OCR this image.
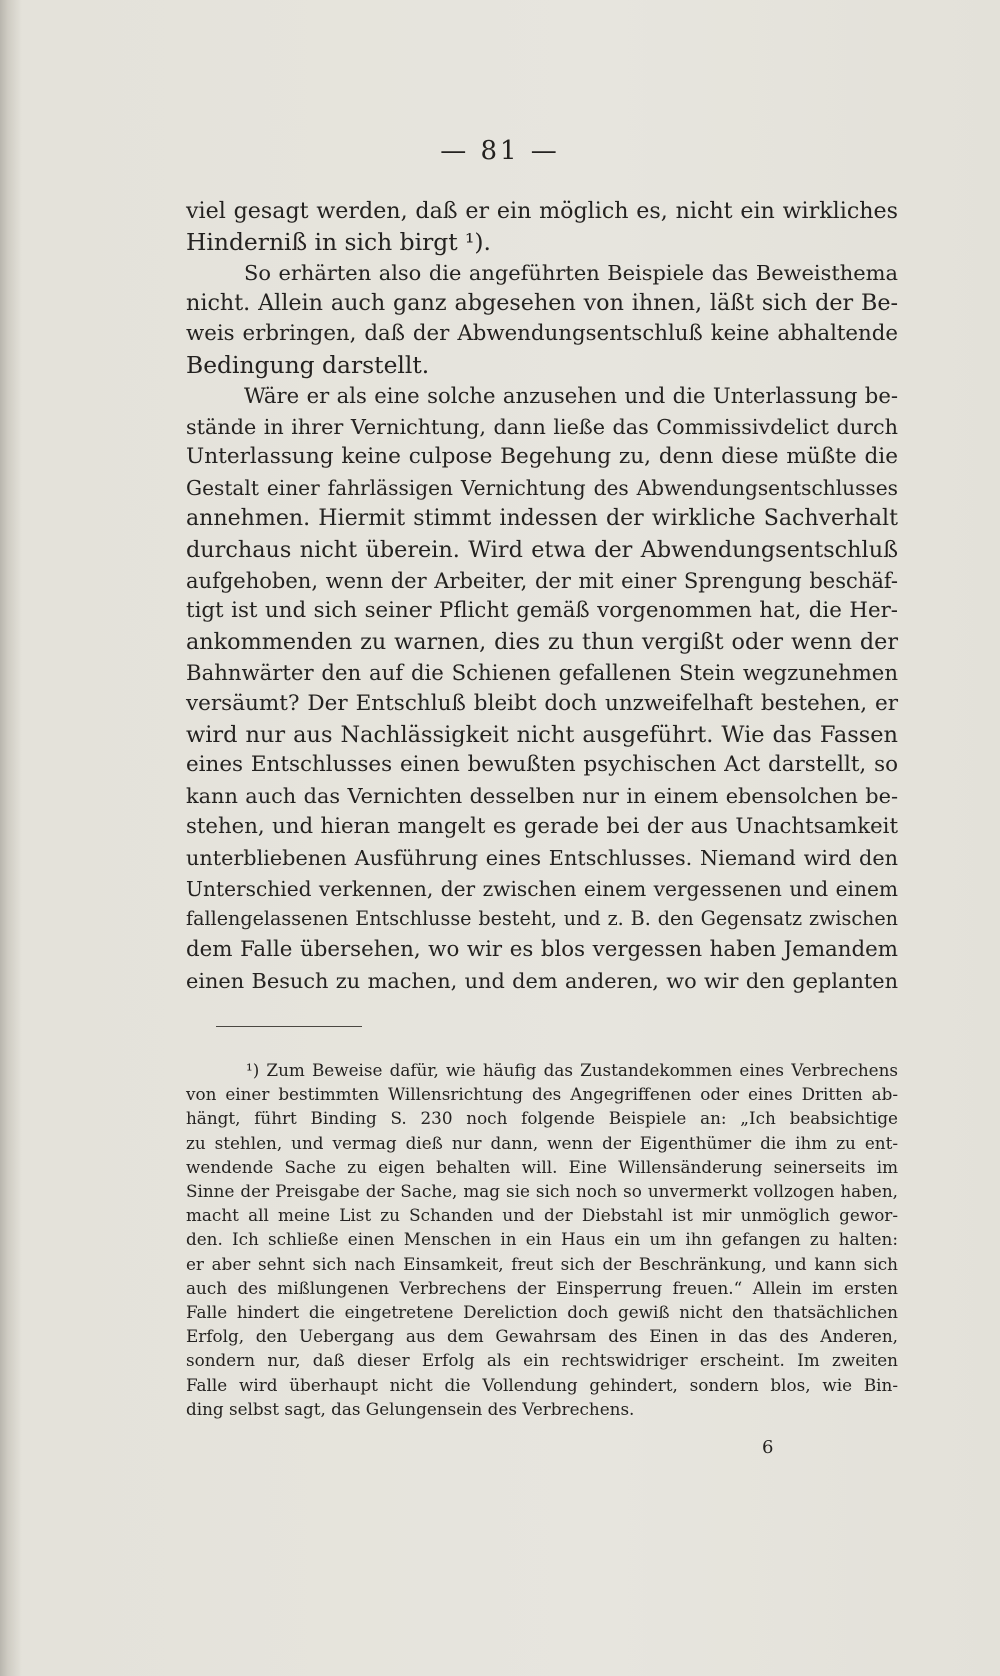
— 81 —
viel gesagt werden, daß er ein möglich es, nicht ein wirkliches
Hinderniß in sich birgt ¹).
So erhärten also die angeführten Beispiele das Beweisthema
nicht. Allein auch ganz abgesehen von ihnen, läßt sich der Be-
weis erbringen, daß der Abwendungsentschluß keine abhaltende
Bedingung darstellt.
Wäre er als eine solche anzusehen und die Unterlassung be-
stände in ihrer Vernichtung, dann ließe das Commissivdelict durch
Unterlassung keine culpose Begehung zu, denn diese müßte die
Gestalt einer fahrlässigen Vernichtung des Abwendungsentschlusses
annehmen. Hiermit stimmt indessen der wirkliche Sachverhalt
durchaus nicht überein. Wird etwa der Abwendungsentschluß
aufgehoben, wenn der Arbeiter, der mit einer Sprengung beschäf-
tigt ist und sich seiner Pflicht gemäß vorgenommen hat, die Her-
ankommenden zu warnen, dies zu thun vergißt oder wenn der
Bahnwärter den auf die Schienen gefallenen Stein wegzunehmen
versäumt? Der Entschluß bleibt doch unzweifelhaft bestehen, er
wird nur aus Nachlässigkeit nicht ausgeführt. Wie das Fassen
eines Entschlusses einen bewußten psychischen Act darstellt, so
kann auch das Vernichten desselben nur in einem ebensolchen be-
stehen, und hieran mangelt es gerade bei der aus Unachtsamkeit
unterbliebenen Ausführung eines Entschlusses. Niemand wird den
Unterschied verkennen, der zwischen einem vergessenen und einem
fallengelassenen Entschlusse besteht, und z. B. den Gegensatz zwischen
dem Falle übersehen, wo wir es blos vergessen haben Jemandem
einen Besuch zu machen, und dem anderen, wo wir den geplanten
¹) Zum Beweise dafür, wie häufig das Zustandekommen eines Verbrechens
von einer bestimmten Willensrichtung des Angegriffenen oder eines Dritten ab-
hängt, führt Binding S. 230 noch folgende Beispiele an: „Ich beabsichtige
zu stehlen, und vermag dieß nur dann, wenn der Eigenthümer die ihm zu ent-
wendende Sache zu eigen behalten will. Eine Willensänderung seinerseits im
Sinne der Preisgabe der Sache, mag sie sich noch so unvermerkt vollzogen haben,
macht all meine List zu Schanden und der Diebstahl ist mir unmöglich gewor-
den. Ich schließe einen Menschen in ein Haus ein um ihn gefangen zu halten:
er aber sehnt sich nach Einsamkeit, freut sich der Beschränkung, und kann sich
auch des mißlungenen Verbrechens der Einsperrung freuen.“ Allein im ersten
Falle hindert die eingetretene Dereliction doch gewiß nicht den thatsächlichen
Erfolg, den Uebergang aus dem Gewahrsam des Einen in das des Anderen,
sondern nur, daß dieser Erfolg als ein rechtswidriger erscheint. Im zweiten
Falle wird überhaupt nicht die Vollendung gehindert, sondern blos, wie Bin-
ding selbst sagt, das Gelungensein des Verbrechens.
6
